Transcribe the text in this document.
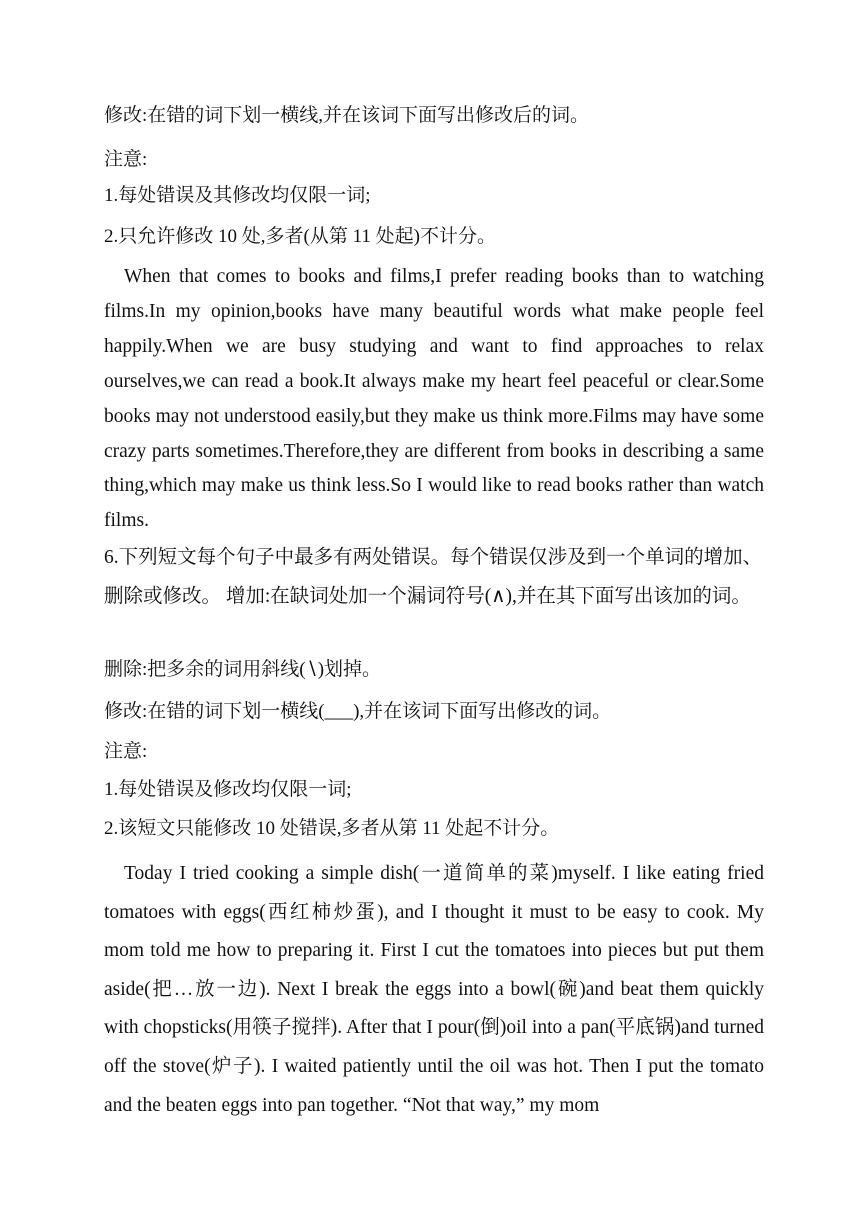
修改:在错的词下划一横线,并在该词下面写出修改后的词。
注意:
1.每处错误及其修改均仅限一词;
2.只允许修改 10 处,多者(从第 11 处起)不计分。
When that comes to books and films,I prefer reading books than to watching films.In my opinion,books have many beautiful words what make people feel happily.When we are busy studying and want to find approaches to relax ourselves,we can read a book.It always make my heart feel peaceful or clear.Some books may not understood easily,but they make us think more.Films may have some crazy parts sometimes.Therefore,they are different from books in describing a same thing,which may make us think less.So I would like to read books rather than watch films.
6.下列短文每个句子中最多有两处错误。每个错误仅涉及到一个单词的增加、删除或修改。 增加:在缺词处加一个漏词符号(∧),并在其下面写出该加的词。
删除:把多余的词用斜线(∖)划掉。
修改:在错的词下划一横线(___),并在该词下面写出修改的词。
注意:
1.每处错误及修改均仅限一词;
2.该短文只能修改 10 处错误,多者从第 11 处起不计分。
Today I tried cooking a simple dish(一道简单的菜)myself. I like eating fried tomatoes with eggs(西红柿炒蛋), and I thought it must to be easy to cook. My mom told me how to preparing it. First I cut the tomatoes into pieces but put them aside(把…放一边). Next I break the eggs into a bowl(碗)and beat them quickly with chopsticks(用筷子搅拌). After that I pour(倒)oil into a pan(平底锅)and turned off the stove(炉子). I waited patiently until the oil was hot. Then I put the tomato and the beaten eggs into pan together. “Not that way,” my mom
